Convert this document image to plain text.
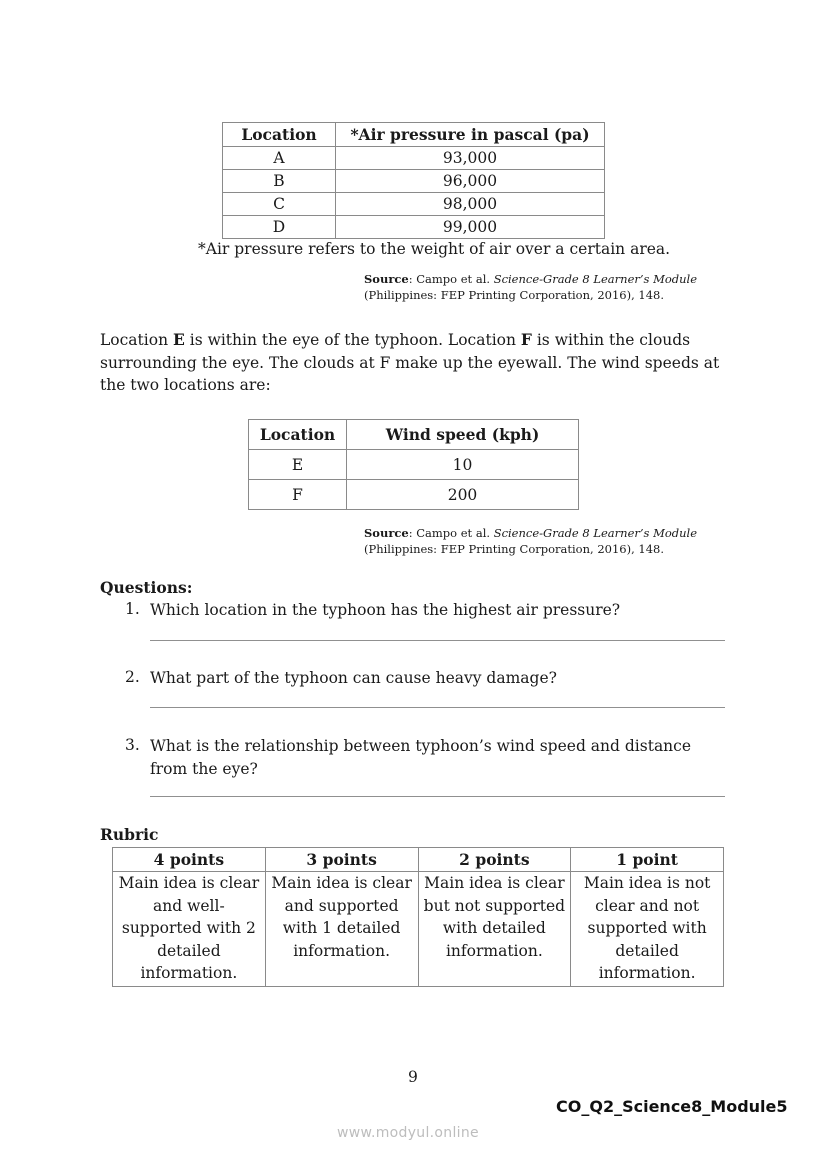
Location	*Air pressure in pascal (pa)
A	93,000
B	96,000
C	98,000
D	99,000
*Air pressure refers to the weight of air over a certain area.
Source: Campo et al. Science-Grade 8 Learner’s Module
(Philippines: FEP Printing Corporation, 2016), 148.
Location E is within the eye of the typhoon. Location F is within the clouds surrounding the eye. The clouds at F make up the eyewall. The wind speeds at the two locations are:
Location	Wind speed (kph)
E	10
F	200
Source: Campo et al. Science-Grade 8 Learner’s Module
(Philippines: FEP Printing Corporation, 2016), 148.
Questions:
1. Which location in the typhoon has the highest air pressure?
2. What part of the typhoon can cause heavy damage?
3. What is the relationship between typhoon’s wind speed and distance from the eye?
Rubric
4 points	3 points	2 points	1 point
Main idea is clear and well-supported with 2 detailed information.	Main idea is clear and supported with 1 detailed information.	Main idea is clear but not supported with detailed information.	Main idea is not clear and not supported with detailed information.
9
CO_Q2_Science8_Module5
www.modyul.online
